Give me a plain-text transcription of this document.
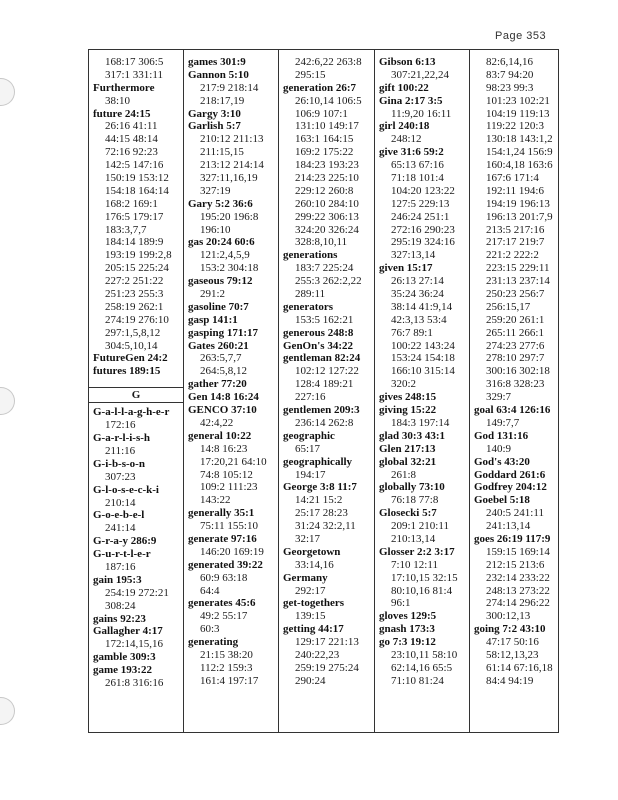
Page 353
168:17 306:5
317:1 331:11
Furthermore
38:10
future 24:15
26:16 41:11
44:15 48:14
72:16 92:23
142:5 147:16
150:19 153:12
154:18 164:14
168:2 169:1
176:5 179:17
183:3,7,7
184:14 189:9
193:19 199:2,8
205:15 225:24
227:2 251:22
251:23 255:3
258:19 262:1
274:19 276:10
297:1,5,8,12
304:5,10,14
FutureGen 24:2
futures 189:15
G
G-a-l-l-a-g-h-e-r
172:16
G-a-r-l-i-s-h
211:16
G-i-b-s-o-n
307:23
G-l-o-s-e-c-k-i
210:14
G-o-e-b-e-l
241:14
G-r-a-y 286:9
G-u-r-t-l-e-r
187:16
gain 195:3
254:19 272:21
308:24
gains 92:23
Gallagher 4:17
172:14,15,16
gamble 309:3
game 193:22
261:8 316:16
games 301:9
Gannon 5:10
217:9 218:14
218:17,19
Gargy 3:10
Garlish 5:7
210:12 211:13
211:15,15
213:12 214:14
327:11,16,19
327:19
Gary 5:2 36:6
195:20 196:8
196:10
gas 20:24 60:6
121:2,4,5,9
153:2 304:18
gaseous 79:12
291:2
gasoline 70:7
gasp 141:1
gasping 171:17
Gates 260:21
263:5,7,7
264:5,8,12
gather 77:20
Gen 14:8 16:24
GENCO 37:10
42:4,22
general 10:22
14:8 16:23
17:20,21 64:10
74:8 105:12
109:2 111:23
143:22
generally 35:1
75:11 155:10
generate 97:16
146:20 169:19
generated 39:22
60:9 63:18
64:4
generates 45:6
49:2 55:17
60:3
generating
21:15 38:20
112:2 159:3
161:4 197:17
242:6,22 263:8
295:15
generation 26:7
26:10,14 106:5
106:9 107:1
131:10 149:17
163:1 164:15
169:2 175:22
184:23 193:23
214:23 225:10
229:12 260:8
260:10 284:10
299:22 306:13
324:20 326:24
328:8,10,11
generations
183:7 225:24
255:3 262:2,22
289:11
generators
153:5 162:21
generous 248:8
GenOn's 34:22
gentleman 82:24
102:12 127:22
128:4 189:21
227:16
gentlemen 209:3
236:14 262:8
geographic
65:17
geographically
194:17
George 3:8 11:7
14:21 15:2
25:17 28:23
31:24 32:2,11
32:17
Georgetown
33:14,16
Germany
292:17
get-togethers
139:15
getting 44:17
129:17 221:13
240:22,23
259:19 275:24
290:24
Gibson 6:13
307:21,22,24
gift 100:22
Gina 2:17 3:5
11:9,20 16:11
girl 240:18
248:12
give 31:6 59:2
65:13 67:16
71:18 101:4
104:20 123:22
127:5 229:13
246:24 251:1
272:16 290:23
295:19 324:16
327:13,14
given 15:17
26:13 27:14
35:24 36:24
38:14 41:9,14
42:3,13 53:4
76:7 89:1
100:22 143:24
153:24 154:18
166:10 315:14
320:2
gives 248:15
giving 15:22
184:3 197:14
glad 30:3 43:1
Glen 217:13
global 32:21
261:8
globally 73:10
76:18 77:8
Glosecki 5:7
209:1 210:11
210:13,14
Glosser 2:2 3:17
7:10 12:11
17:10,15 32:15
80:10,16 81:4
96:1
gloves 129:5
gnash 173:3
go 7:3 19:12
23:10,11 58:10
62:14,16 65:5
71:10 81:24
82:6,14,16
83:7 94:20
98:23 99:3
101:23 102:21
104:19 119:13
119:22 120:3
130:18 143:1,2
154:1,24 156:9
160:4,18 163:6
167:6 171:4
192:11 194:6
194:19 196:13
196:13 201:7,9
213:5 217:16
217:17 219:7
221:2 222:2
223:15 229:11
231:13 237:14
250:23 256:7
256:15,17
259:20 261:1
265:11 266:1
274:23 277:6
278:10 297:7
300:16 302:18
316:8 328:23
329:7
goal 63:4 126:16
149:7,7
God 131:16
140:9
God's 43:20
Goddard 261:6
Godfrey 204:12
Goebel 5:18
240:5 241:11
241:13,14
goes 26:19 117:9
159:15 169:14
212:15 213:6
232:14 233:22
248:13 273:22
274:14 296:22
300:12,13
going 7:2 43:10
47:17 50:16
58:12,13,23
61:14 67:16,18
84:4 94:19
